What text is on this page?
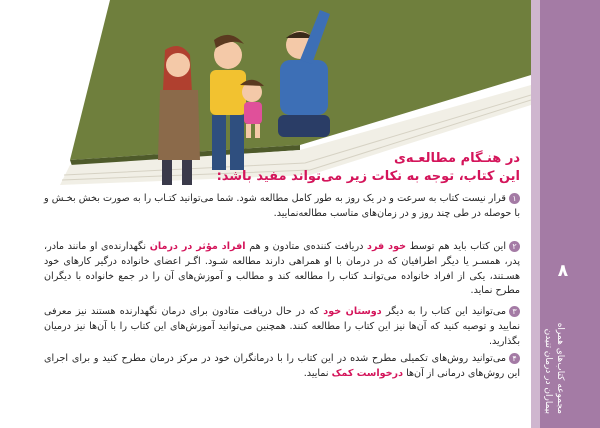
در هنـگام مطالعـه‌ی
این کتاب، توجه به نکات زیر می‌تواند مفید باشد:
۱قرار نیست کتاب به سرعت و در یک روز به طور کامل مطالعه شود. شما می‌توانید کتـاب را به صورت بخش بخـش و با حوصله در طی چند روز و در زمان‌های متاسب مطالعه‌نمایید.
۲این کتاب باید هم توسط خود فرد دریافت کننده‌ی متادون و هم افراد مؤثر در درمان نگهدارنده‌ی او مانند مادر، پدر، همسـر یا دیگر اطرافیان که در درمان با او همراهی دارند مطالعه شـود. اگـر اعضای خانواده درگیر کارهای خود هسـتند، یکی از افراد خانواده می‌توانـد کتاب را مطالعه کند و مطالب و آموزش‌های آن را در جمع خانواده با دیگران مطرح نماید.
۳می‌توانید این کتاب را به دیگر دوستان خود که در حال دریافت متادون برای درمان نگهدارنده هستند نیز معرفی نمایید و توصیه کنید که آن‌ها نیز این کتاب را مطالعه کنند. همچنین می‌توانید آموزش‌های این کتاب را با آن‌ها نیز درمیان بگذارید.
۴می‌توانید روش‌های تکمیلی مطرح شده در این کتاب را با درمانگران خود در مرکز درمان مطرح کنید و برای اجرای این روش‌های درمانی از آن‌ها درخواست کمک نمایید.
۸
مجموعه کتاب‌های همراه بیماران در درمان تنیدن
